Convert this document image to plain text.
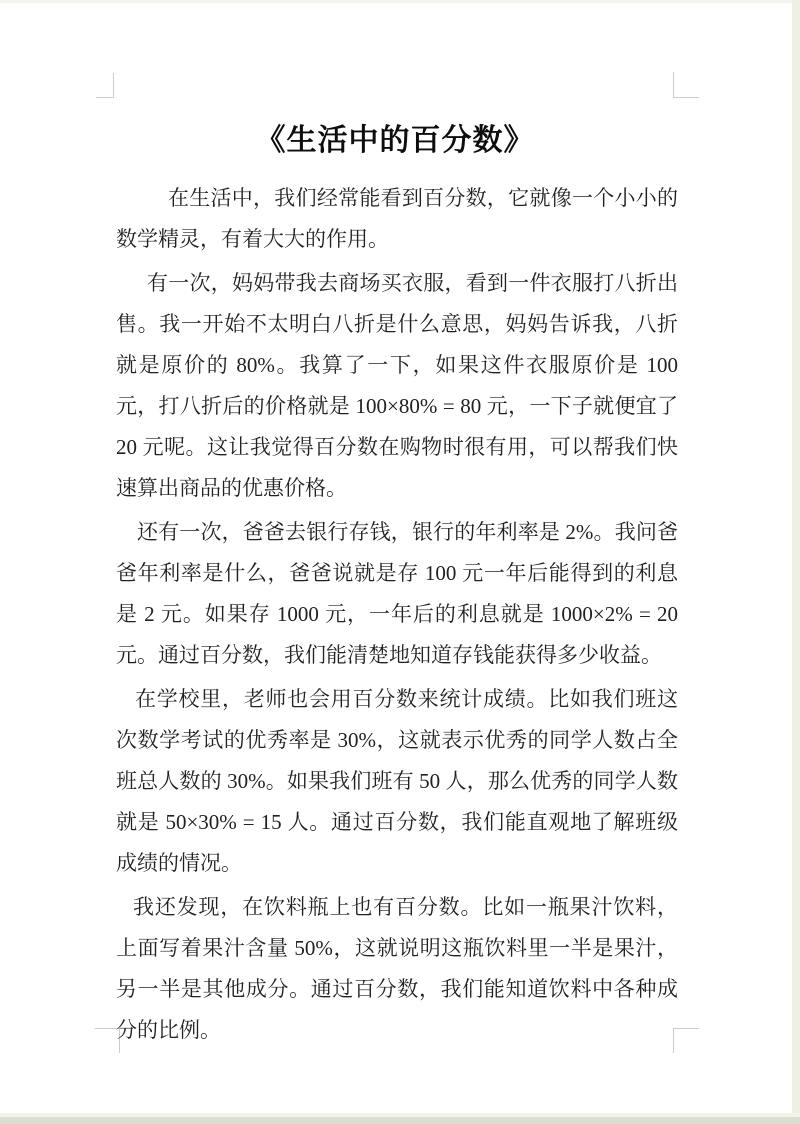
《生活中的百分数》

在生活中，我们经常能看到百分数，它就像一个小小的数学精灵，有着大大的作用。

有一次，妈妈带我去商场买衣服，看到一件衣服打八折出售。我一开始不太明白八折是什么意思，妈妈告诉我，八折就是原价的 80%。我算了一下，如果这件衣服原价是 100 元，打八折后的价格就是 100×80% = 80 元，一下子就便宜了 20 元呢。这让我觉得百分数在购物时很有用，可以帮我们快速算出商品的优惠价格。

还有一次，爸爸去银行存钱，银行的年利率是 2%。我问爸爸年利率是什么，爸爸说就是存 100 元一年后能得到的利息是 2 元。如果存 1000 元，一年后的利息就是 1000×2% = 20 元。通过百分数，我们能清楚地知道存钱能获得多少收益。

在学校里，老师也会用百分数来统计成绩。比如我们班这次数学考试的优秀率是 30%，这就表示优秀的同学人数占全班总人数的 30%。如果我们班有 50 人，那么优秀的同学人数就是 50×30% = 15 人。通过百分数，我们能直观地了解班级成绩的情况。

我还发现，在饮料瓶上也有百分数。比如一瓶果汁饮料，上面写着果汁含量 50%，这就说明这瓶饮料里一半是果汁，另一半是其他成分。通过百分数，我们能知道饮料中各种成分的比例。
